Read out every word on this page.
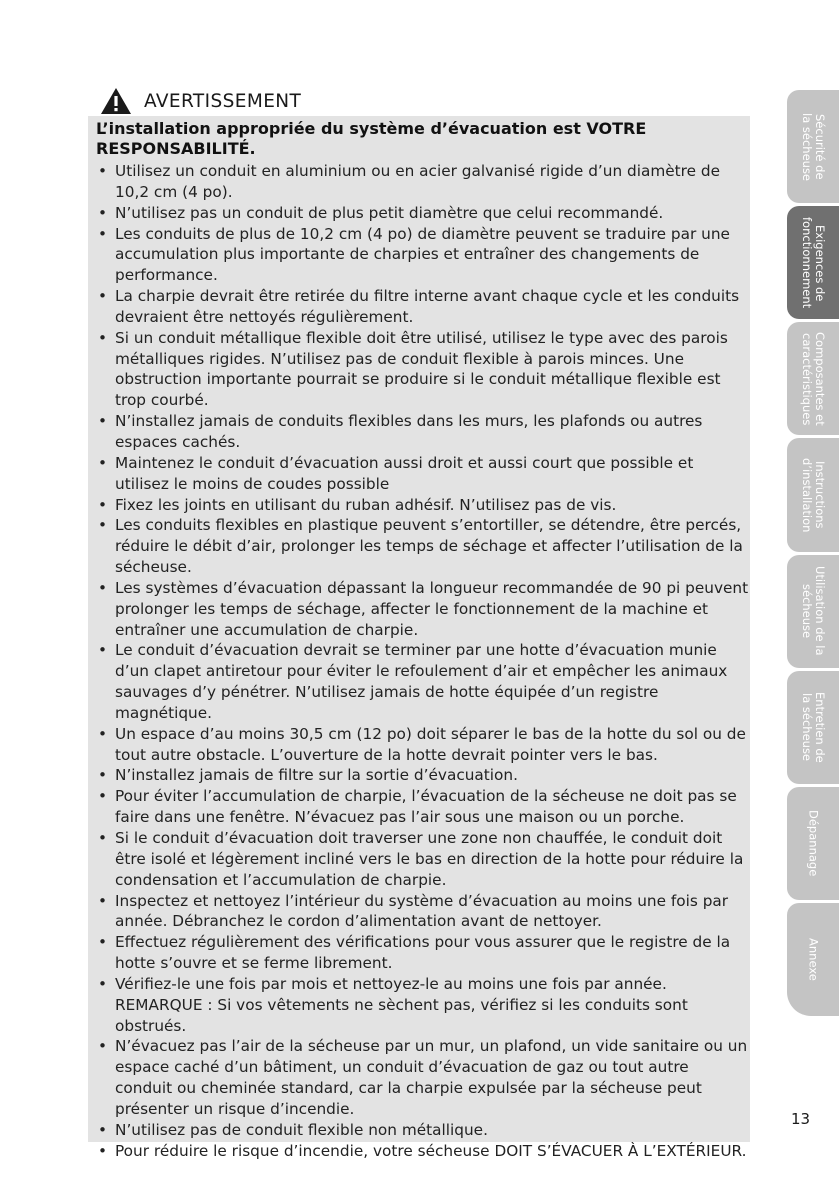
AVERTISSEMENT

L’installation appropriée du système d’évacuation est VOTRE RESPONSABILITÉ.

• Utilisez un conduit en aluminium ou en acier galvanisé rigide d’un diamètre de 10,2 cm (4 po).
• N’utilisez pas un conduit de plus petit diamètre que celui recommandé.
• Les conduits de plus de 10,2 cm (4 po) de diamètre peuvent se traduire par une accumulation plus importante de charpies et entraîner des changements de performance.
• La charpie devrait être retirée du filtre interne avant chaque cycle et les conduits devraient être nettoyés régulièrement.
• Si un conduit métallique flexible doit être utilisé, utilisez le type avec des parois métalliques rigides. N’utilisez pas de conduit flexible à parois minces. Une obstruction importante pourrait se produire si le conduit métallique flexible est trop courbé.
• N’installez jamais de conduits flexibles dans les murs, les plafonds ou autres espaces cachés.
• Maintenez le conduit d’évacuation aussi droit et aussi court que possible et utilisez le moins de coudes possible
• Fixez les joints en utilisant du ruban adhésif. N’utilisez pas de vis.
• Les conduits flexibles en plastique peuvent s’entortiller, se détendre, être percés, réduire le débit d’air, prolonger les temps de séchage et affecter l’utilisation de la sécheuse.
• Les systèmes d’évacuation dépassant la longueur recommandée de 90 pi peuvent prolonger les temps de séchage, affecter le fonctionnement de la machine et entraîner une accumulation de charpie.
• Le conduit d’évacuation devrait se terminer par une hotte d’évacuation munie d’un clapet antiretour pour éviter le refoulement d’air et empêcher les animaux sauvages d’y pénétrer. N’utilisez jamais de hotte équipée d’un registre magnétique.
• Un espace d’au moins 30,5 cm (12 po) doit séparer le bas de la hotte du sol ou de tout autre obstacle. L’ouverture de la hotte devrait pointer vers le bas.
• N’installez jamais de filtre sur la sortie d’évacuation.
• Pour éviter l’accumulation de charpie, l’évacuation de la sécheuse ne doit pas se faire dans une fenêtre. N’évacuez pas l’air sous une maison ou un porche.
• Si le conduit d’évacuation doit traverser une zone non chauffée, le conduit doit être isolé et légèrement incliné vers le bas en direction de la hotte pour réduire la condensation et l’accumulation de charpie.
• Inspectez et nettoyez l’intérieur du système d’évacuation au moins une fois par année. Débranchez le cordon d’alimentation avant de nettoyer.
• Effectuez régulièrement des vérifications pour vous assurer que le registre de la hotte s’ouvre et se ferme librement.
• Vérifiez-le une fois par mois et nettoyez-le au moins une fois par année. REMARQUE : Si vos vêtements ne sèchent pas, vérifiez si les conduits sont obstrués.
• N’évacuez pas l’air de la sécheuse par un mur, un plafond, un vide sanitaire ou un espace caché d’un bâtiment, un conduit d’évacuation de gaz ou tout autre conduit ou cheminée standard, car la charpie expulsée par la sécheuse peut présenter un risque d’incendie.
• N’utilisez pas de conduit flexible non métallique.
• Pour réduire le risque d’incendie, votre sécheuse DOIT S’ÉVACUER À L’EXTÉRIEUR.
Sécurité de
la sécheuse
Exigences de
fonctionnement
Composantes et
caractéristiques
Instructions
d’installation
Utilisation de la
sécheuse
Entretien de
la sécheuse
Dépannage
Annexe
13
